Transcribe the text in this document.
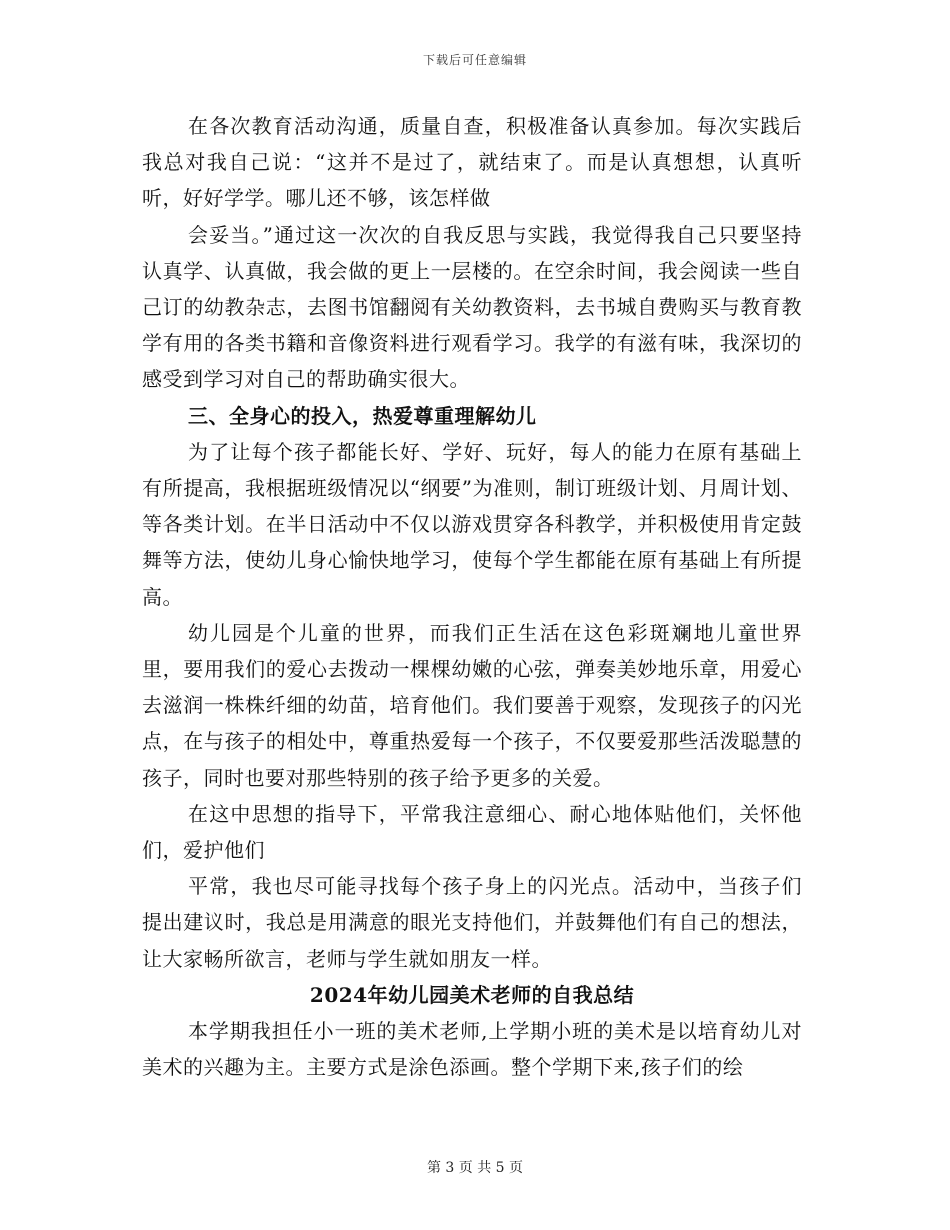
下载后可任意编辑

在各次教育活动沟通，质量自查，积极准备认真参加。每次实践后我总对我自己说：“这并不是过了，就结束了。而是认真想想，认真听听，好好学学。哪儿还不够，该怎样做

会妥当。”通过这一次次的自我反思与实践，我觉得我自己只要坚持认真学、认真做，我会做的更上一层楼的。在空余时间，我会阅读一些自己订的幼教杂志，去图书馆翻阅有关幼教资料，去书城自费购买与教育教学有用的各类书籍和音像资料进行观看学习。我学的有滋有味，我深切的感受到学习对自己的帮助确实很大。

三、全身心的投入，热爱尊重理解幼儿

为了让每个孩子都能长好、学好、玩好，每人的能力在原有基础上有所提高，我根据班级情况以“纲要”为准则，制订班级计划、月周计划、等各类计划。在半日活动中不仅以游戏贯穿各科教学，并积极使用肯定鼓舞等方法，使幼儿身心愉快地学习，使每个学生都能在原有基础上有所提高。

幼儿园是个儿童的世界，而我们正生活在这色彩斑斓地儿童世界里，要用我们的爱心去拨动一棵棵幼嫩的心弦，弹奏美妙地乐章，用爱心去滋润一株株纤细的幼苗，培育他们。我们要善于观察，发现孩子的闪光点，在与孩子的相处中，尊重热爱每一个孩子，不仅要爱那些活泼聪慧的孩子，同时也要对那些特别的孩子给予更多的关爱。

在这中思想的指导下，平常我注意细心、耐心地体贴他们，关怀他们，爱护他们

平常，我也尽可能寻找每个孩子身上的闪光点。活动中，当孩子们提出建议时，我总是用满意的眼光支持他们，并鼓舞他们有自己的想法，让大家畅所欲言，老师与学生就如朋友一样。

2024年幼儿园美术老师的自我总结

本学期我担任小一班的美术老师,上学期小班的美术是以培育幼儿对美术的兴趣为主。主要方式是涂色添画。整个学期下来,孩子们的绘

第 3 页 共 5 页
